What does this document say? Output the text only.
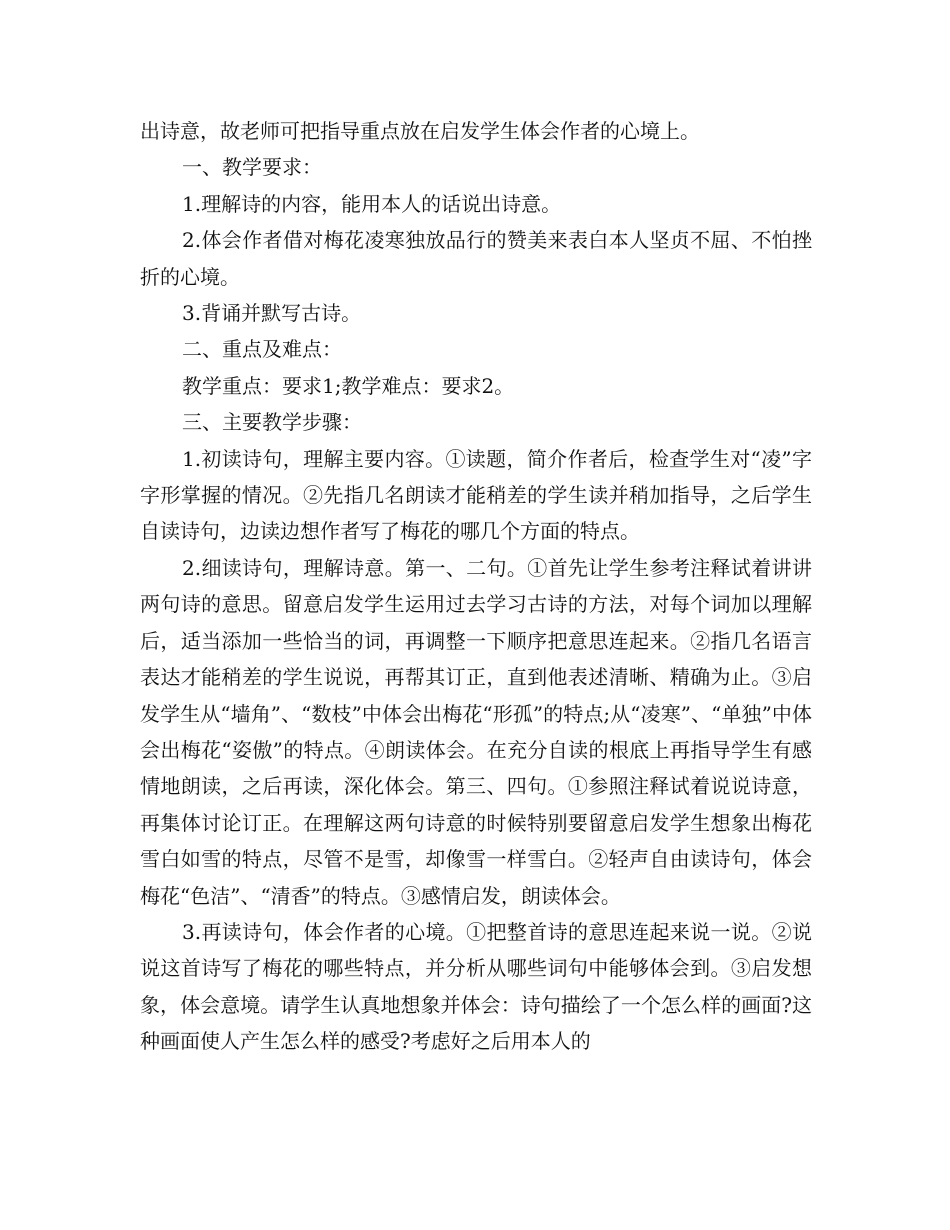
出诗意，故老师可把指导重点放在启发学生体会作者的心境上。

一、教学要求：

1.理解诗的内容，能用本人的话说出诗意。

2.体会作者借对梅花凌寒独放品行的赞美来表白本人坚贞不屈、不怕挫折的心境。

3.背诵并默写古诗。

二、重点及难点：

教学重点：要求1;教学难点：要求2。

三、主要教学步骤：

1.初读诗句，理解主要内容。①读题，简介作者后，检查学生对“凌”字字形掌握的情况。②先指几名朗读才能稍差的学生读并稍加指导，之后学生自读诗句，边读边想作者写了梅花的哪几个方面的特点。

2.细读诗句，理解诗意。第一、二句。①首先让学生参考注释试着讲讲两句诗的意思。留意启发学生运用过去学习古诗的方法，对每个词加以理解后，适当添加一些恰当的词，再调整一下顺序把意思连起来。②指几名语言表达才能稍差的学生说说，再帮其订正，直到他表述清晰、精确为止。③启发学生从“墙角”、“数枝”中体会出梅花“形孤”的特点;从“凌寒”、“单独”中体会出梅花“姿傲”的特点。④朗读体会。在充分自读的根底上再指导学生有感情地朗读，之后再读，深化体会。第三、四句。①参照注释试着说说诗意，再集体讨论订正。在理解这两句诗意的时候特别要留意启发学生想象出梅花雪白如雪的特点，尽管不是雪，却像雪一样雪白。②轻声自由读诗句，体会梅花“色洁”、“清香”的特点。③感情启发，朗读体会。

3.再读诗句，体会作者的心境。①把整首诗的意思连起来说一说。②说说这首诗写了梅花的哪些特点，并分析从哪些词句中能够体会到。③启发想象，体会意境。请学生认真地想象并体会：诗句描绘了一个怎么样的画面?这种画面使人产生怎么样的感受?考虑好之后用本人的
